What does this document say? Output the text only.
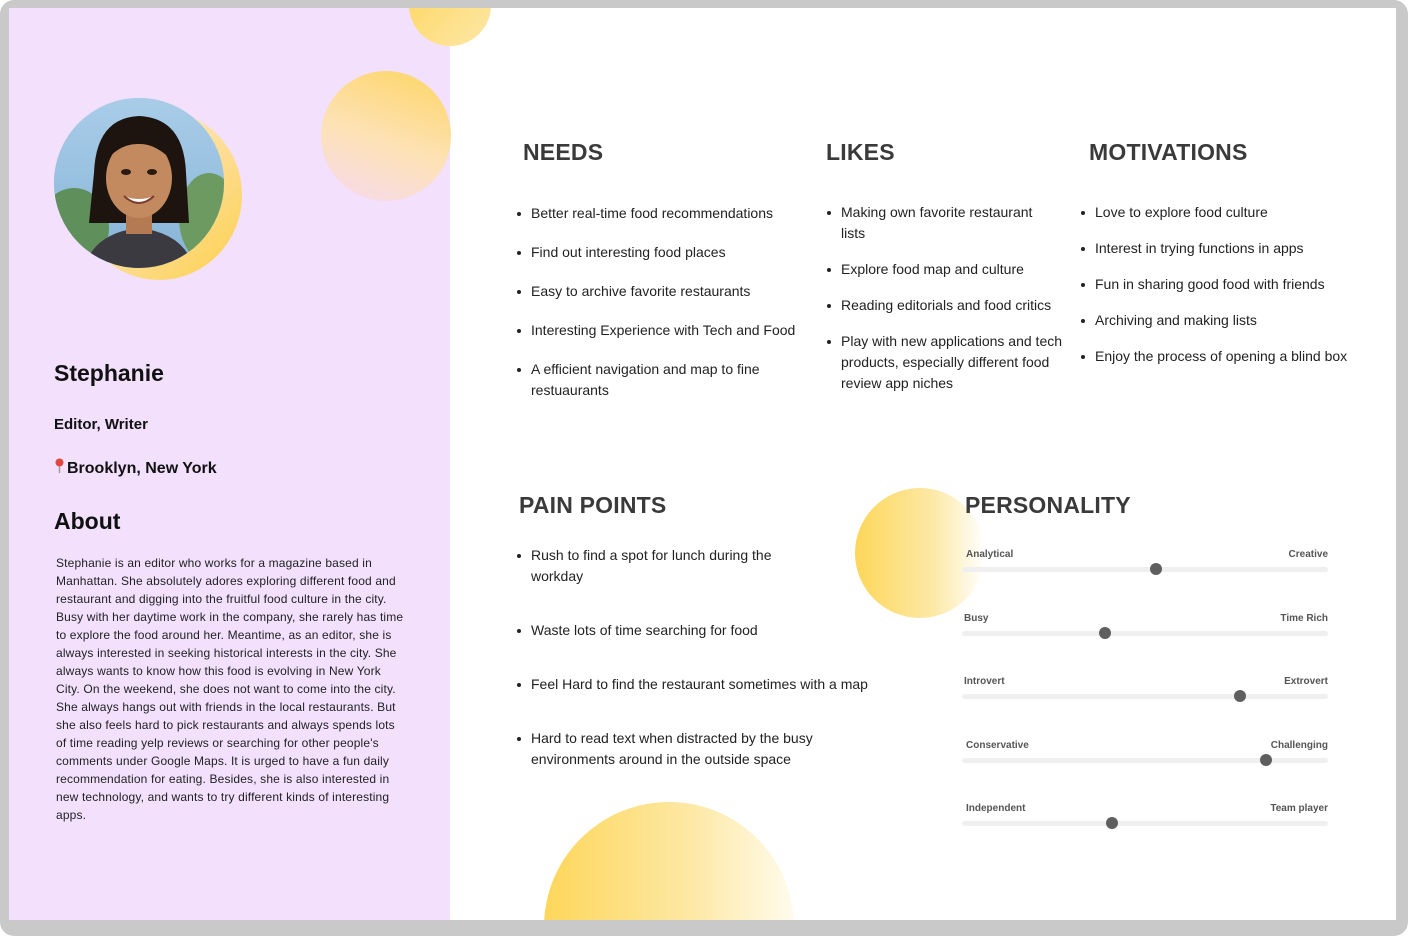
Stephanie
Editor, Writer
Brooklyn, New York
About
Stephanie is an editor who works for a magazine based in Manhattan. She absolutely adores exploring different food and restaurant and digging into the fruitful food culture in the city. Busy with her daytime work in the company, she rarely has time to explore the food around her. Meantime, as an editor, she is always interested in seeking historical interests in the city. She always wants to know how this food is evolving in New York City. On the weekend, she does not want to come into the city. She always hangs out with friends in the local restaurants. But she also feels hard to pick restaurants and always spends lots of time reading yelp reviews or searching for other people's comments under Google Maps. It is urged to have a fun daily recommendation for eating. Besides, she is also interested in new technology, and wants to try different kinds of interesting apps.
NEEDS
Better real-time food recommendations
Find out interesting food places
Easy to archive favorite restaurants
Interesting Experience with Tech and Food
A efficient navigation and map to fine restuaurants
LIKES
Making own favorite restaurant lists
Explore food map and culture
Reading editorials and food critics
Play with new applications and tech products, especially different food review app niches
MOTIVATIONS
Love to explore food culture
Interest in trying functions in apps
Fun in sharing good food with friends
Archiving and making lists
Enjoy the process of opening a blind box
PAIN POINTS
Rush to find a spot for lunch during the workday
Waste lots of time searching for food
Feel Hard to find the restaurant sometimes with a map
Hard to read text when distracted by the busy environments around in the outside space
PERSONALITY
Analytical	Creative
Busy	Time Rich
Introvert	Extrovert
Conservative	Challenging
Independent	Team player
